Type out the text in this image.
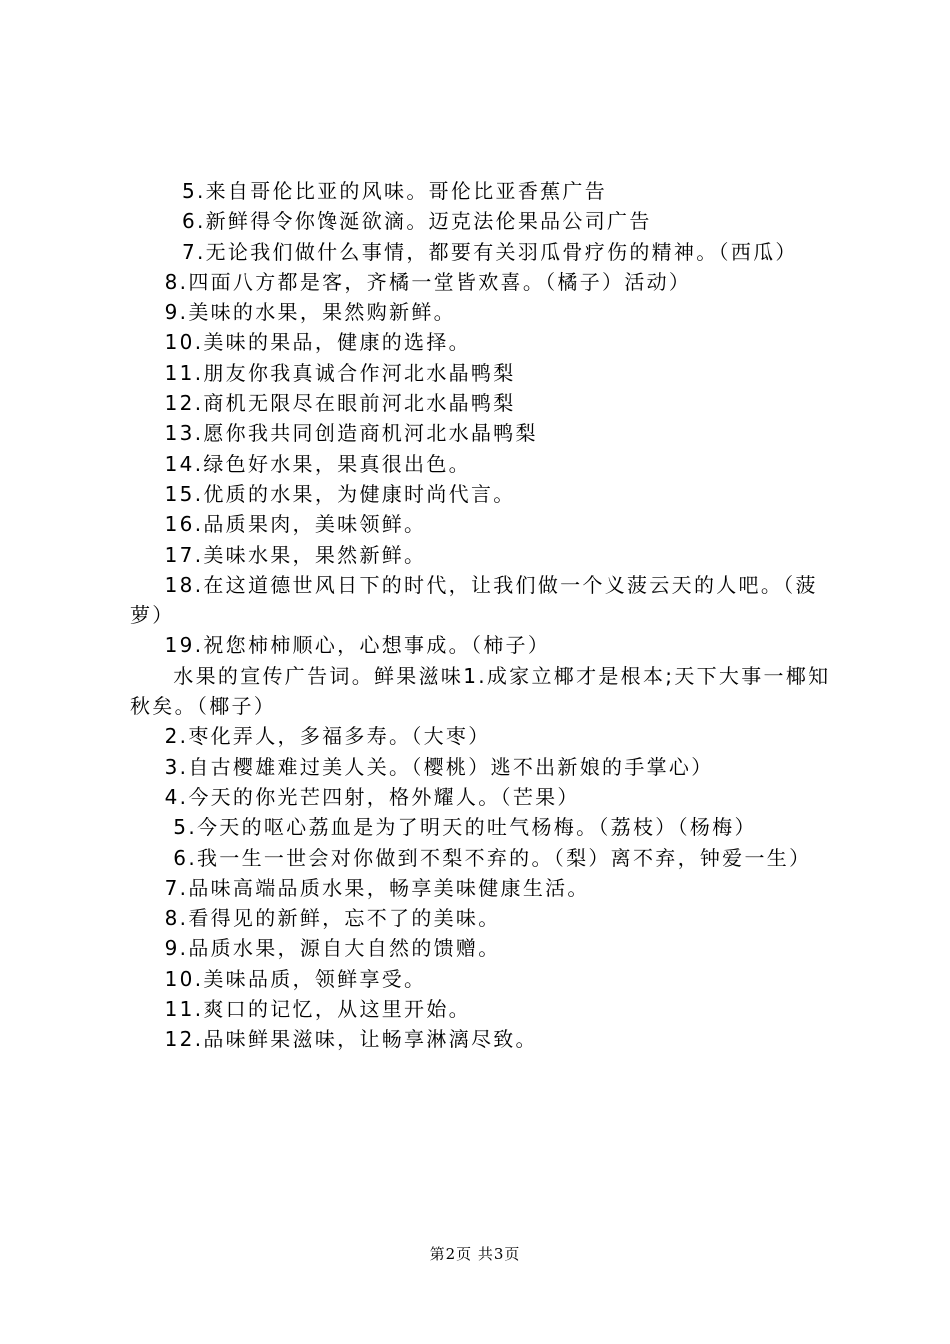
5.来自哥伦比亚的风味。哥伦比亚香蕉广告

6.新鲜得令你馋涎欲滴。迈克法伦果品公司广告

7.无论我们做什么事情，都要有关羽瓜骨疗伤的精神。（西瓜）

8.四面八方都是客，齐橘一堂皆欢喜。（橘子）活动）

9.美味的水果，果然购新鲜。

10.美味的果品，健康的选择。

11.朋友你我真诚合作河北水晶鸭梨

12.商机无限尽在眼前河北水晶鸭梨

13.愿你我共同创造商机河北水晶鸭梨

14.绿色好水果，果真很出色。

15.优质的水果，为健康时尚代言。

16.品质果肉，美味领鲜。

17.美味水果，果然新鲜。

18.在这道德世风日下的时代，让我们做一个义菠云天的人吧。（菠萝）

19.祝您柿柿顺心，心想事成。（柿子）

水果的宣传广告词。鲜果滋味1.成家立椰才是根本;天下大事一椰知秋矣。（椰子）

2.枣化弄人，多福多寿。（大枣）

3.自古樱雄难过美人关。（樱桃）逃不出新娘的手掌心）

4.今天的你光芒四射，格外耀人。（芒果）

5.今天的呕心荔血是为了明天的吐气杨梅。（荔枝）（杨梅）

6.我一生一世会对你做到不梨不弃的。（梨）离不弃，钟爱一生）

7.品味高端品质水果，畅享美味健康生活。

8.看得见的新鲜，忘不了的美味。

9.品质水果，源自大自然的馈赠。

10.美味品质，领鲜享受。

11.爽口的记忆，从这里开始。

12.品味鲜果滋味，让畅享淋漓尽致。

第2页 共3页
